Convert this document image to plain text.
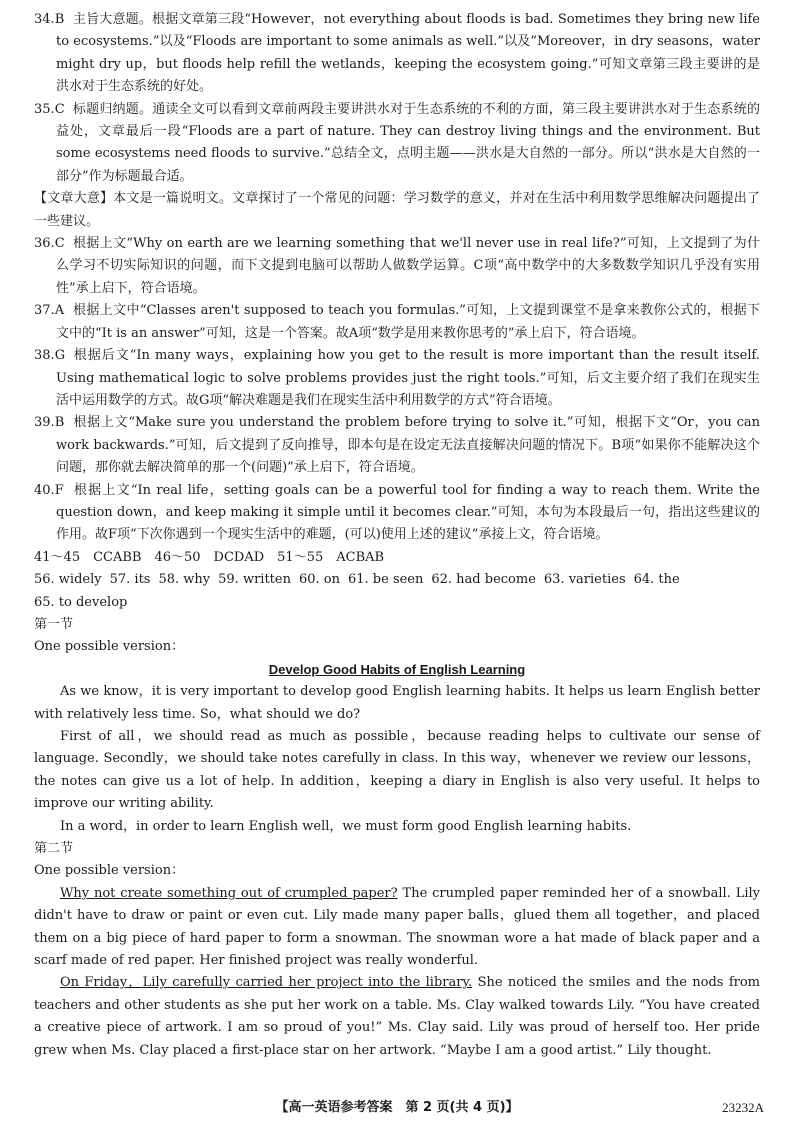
34.B 主旨大意题。根据文章第三段“However，not everything about floods is bad. Sometimes they bring new life to ecosystems.”以及“Floods are important to some animals as well.”以及“Moreover，in dry seasons，water might dry up，but floods help refill the wetlands，keeping the ecosystem going.”可知文章第三段主要讲的是洪水对于生态系统的好处。

35.C 标题归纳题。通读全文可以看到文章前两段主要讲洪水对于生态系统的不利的方面，第三段主要讲洪水对于生态系统的益处，文章最后一段“Floods are a part of nature. They can destroy living things and the environment. But some ecosystems need floods to survive.”总结全文，点明主题——洪水是大自然的一部分。所以“洪水是大自然的一部分”作为标题最合适。

【文章大意】本文是一篇说明文。文章探讨了一个常见的问题：学习数学的意义，并对在生活中利用数学思维解决问题提出了一些建议。

36.C 根据上文“Why on earth are we learning something that we'll never use in real life?”可知，上文提到了为什么学习不切实际知识的问题，而下文提到电脑可以帮助人做数学运算。C项“高中数学中的大多数数学知识几乎没有实用性”承上启下，符合语境。

37.A 根据上文中“Classes aren't supposed to teach you formulas.”可知，上文提到课堂不是拿来教你公式的，根据下文中的“It is an answer”可知，这是一个答案。故A项“数学是用来教你思考的”承上启下，符合语境。

38.G 根据后文“In many ways，explaining how you get to the result is more important than the result itself. Using mathematical logic to solve problems provides just the right tools.”可知，后文主要介绍了我们在现实生活中运用数学的方式。故G项“解决难题是我们在现实生活中利用数学的方式”符合语境。

39.B 根据上文“Make sure you understand the problem before trying to solve it.”可知，根据下文“Or，you can work backwards.”可知，后文提到了反向推导，即本句是在设定无法直接解决问题的情况下。B项“如果你不能解决这个问题，那你就去解决简单的那一个(问题)”承上启下，符合语境。

40.F 根据上文“In real life，setting goals can be a powerful tool for finding a way to reach them. Write the question down，and keep making it simple until it becomes clear.”可知，本句为本段最后一句，指出这些建议的作用。故F项“下次你遇到一个现实生活中的难题，(可以)使用上述的建议”承接上文，符合语境。

41～45　CCABB　46～50　DCDAD　51～55　ACBAB

56. widely 57. its 58. why 59. written 60. on 61. be seen 62. had become 63. varieties 64. the

65. to develop

第一节

One possible version：

Develop Good Habits of English Learning

As we know，it is very important to develop good English learning habits. It helps us learn English better with relatively less time. So，what should we do?

First of all，we should read as much as possible，because reading helps to cultivate our sense of language. Secondly，we should take notes carefully in class. In this way，whenever we review our lessons，the notes can give us a lot of help. In addition，keeping a diary in English is also very useful. It helps to improve our writing ability.

In a word，in order to learn English well，we must form good English learning habits.

第二节

One possible version：

Why not create something out of crumpled paper? The crumpled paper reminded her of a snowball. Lily didn't have to draw or paint or even cut. Lily made many paper balls，glued them all together，and placed them on a big piece of hard paper to form a snowman. The snowman wore a hat made of black paper and a scarf made of red paper. Her finished project was really wonderful.

On Friday，Lily carefully carried her project into the library. She noticed the smiles and the nods from teachers and other students as she put her work on a table. Ms. Clay walked towards Lily. “You have created a creative piece of artwork. I am so proud of you!” Ms. Clay said. Lily was proud of herself too. Her pride grew when Ms. Clay placed a first-place star on her artwork. “Maybe I am a good artist.” Lily thought.

【高一英语参考答案　第 2 页(共 4 页)】	23232A
